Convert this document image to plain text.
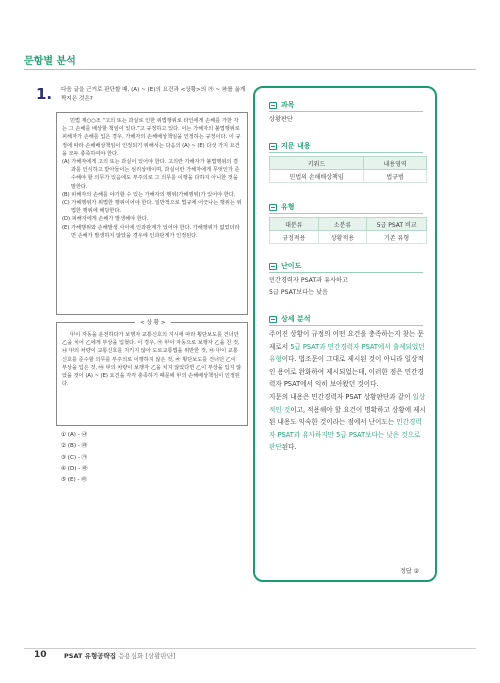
문항별 분석
1. 다음 글을 근거로 판단할 때, (A) ~ (E)의 요건과 <상황>의 ㉮ ~ ㉲를 옳게 짝지은 것은?

민법 제○○조 “고의 또는 과실로 인한 위법행위로 타인에게 손해를 가한 자는 그 손해를 배상할 책임이 있다.”고 규정하고 있다. 이는 가해자의 불법행위로 피해자가 손해를 입은 경우, 가해자의 손해배상책임을 인정하는 규정이다. 이 규정에 따라 손해배상책임이 인정되기 위해서는 다음의 (A) ~ (E) 다섯 가지 요건을 모두 충족하여야 한다.

(A) 가해자에게 고의 또는 과실이 있어야 한다. 고의란 가해자가 불법행위의 결과를 인식하고 받아들이는 심리상태이며, 과실이란 가해자에게 무엇인가 준수해야 할 의무가 있음에도 부주의로 그 의무를 이행을 다하지 아니한 것을 말한다.

(B) 피해자의 손해를 야기할 수 있는 가해자의 행위(가해행위)가 있어야 한다.

(C) 가해행위가 위법한 행위이어야 한다. 일반적으로 법규에 어긋나는 행위는 위법한 행위에 해당한다.

(D) 피해자에게 손해가 발생해야 한다.

(E) 가해행위와 손해발생 사이에 인과관계가 있어야 한다. 가해행위가 없었더라면 손해가 발생하지 않았을 경우에 인과관계가 인정된다.

甲이 자동을 운전하다가 보행자 교통신호의 지시에 따라 횡단보도를 건너던 乙을 치어 乙에게 부상을 입혔다. 이 경우, ㉮ 甲이 자동으로 보행자 乙을 친 것, ㉯ 甲의 차량이 교통신호를 지키지 않아 도로교통법을 위반한 것, ㉰ 甲이 교통신호를 준수할 의무를 부주의로 이행하지 않은 것, ㉱ 횡단보도를 건너던 乙이 부상을 입은 것, ㉲ 甲의 차량이 보행자 乙을 치지 않았다면 乙이 부상을 입지 않았을 것이 (A) ~ (E) 요건을 각각 충족하기 때문에 甲의 손해배상책임이 인정된다.
< 상 황 >
① (A) - ㉯
② (B) - ㉱
③ (C) - ㉮
④ (D) - ㉲
⑤ (E) - ㉲
과목
상황판단
지문 내용
키워드	내용영역
민법의 손해배상책임	법규범
유형
대분류	소분류	5급 PSAT 비교
규정적용	상황적용	기존 유형
난이도
민간경력자 PSAT과 유사하고
5급 PSAT보다는 낮음
상세 분석
주어진 상황이 규정의 어떤 요건을 충족하는지 찾는 문제로서 5급 PSAT과 민간경력자 PSAT에서 출제되었던 유형이다. 법조문이 그대로 제시된 것이 아니라 일상적인 용어로 완화하여 제시되었는데, 이러한 점은 민간경력자 PSAT에서 익히 보아왔던 것이다.
지문의 내용은 민간경력자 PSAT 상황판단과 같이 일상적인 것이고, 적용해야 할 요건이 명확하고 상황에 제시된 내용도 익숙한 것이라는 점에서 난이도는 민간경력자 PSAT과 유사하지만 5급 PSAT보다는 낮은 것으로 판단된다.
정답 ②
10	PSAT 유형공략집 응용심화 [상황판단]
